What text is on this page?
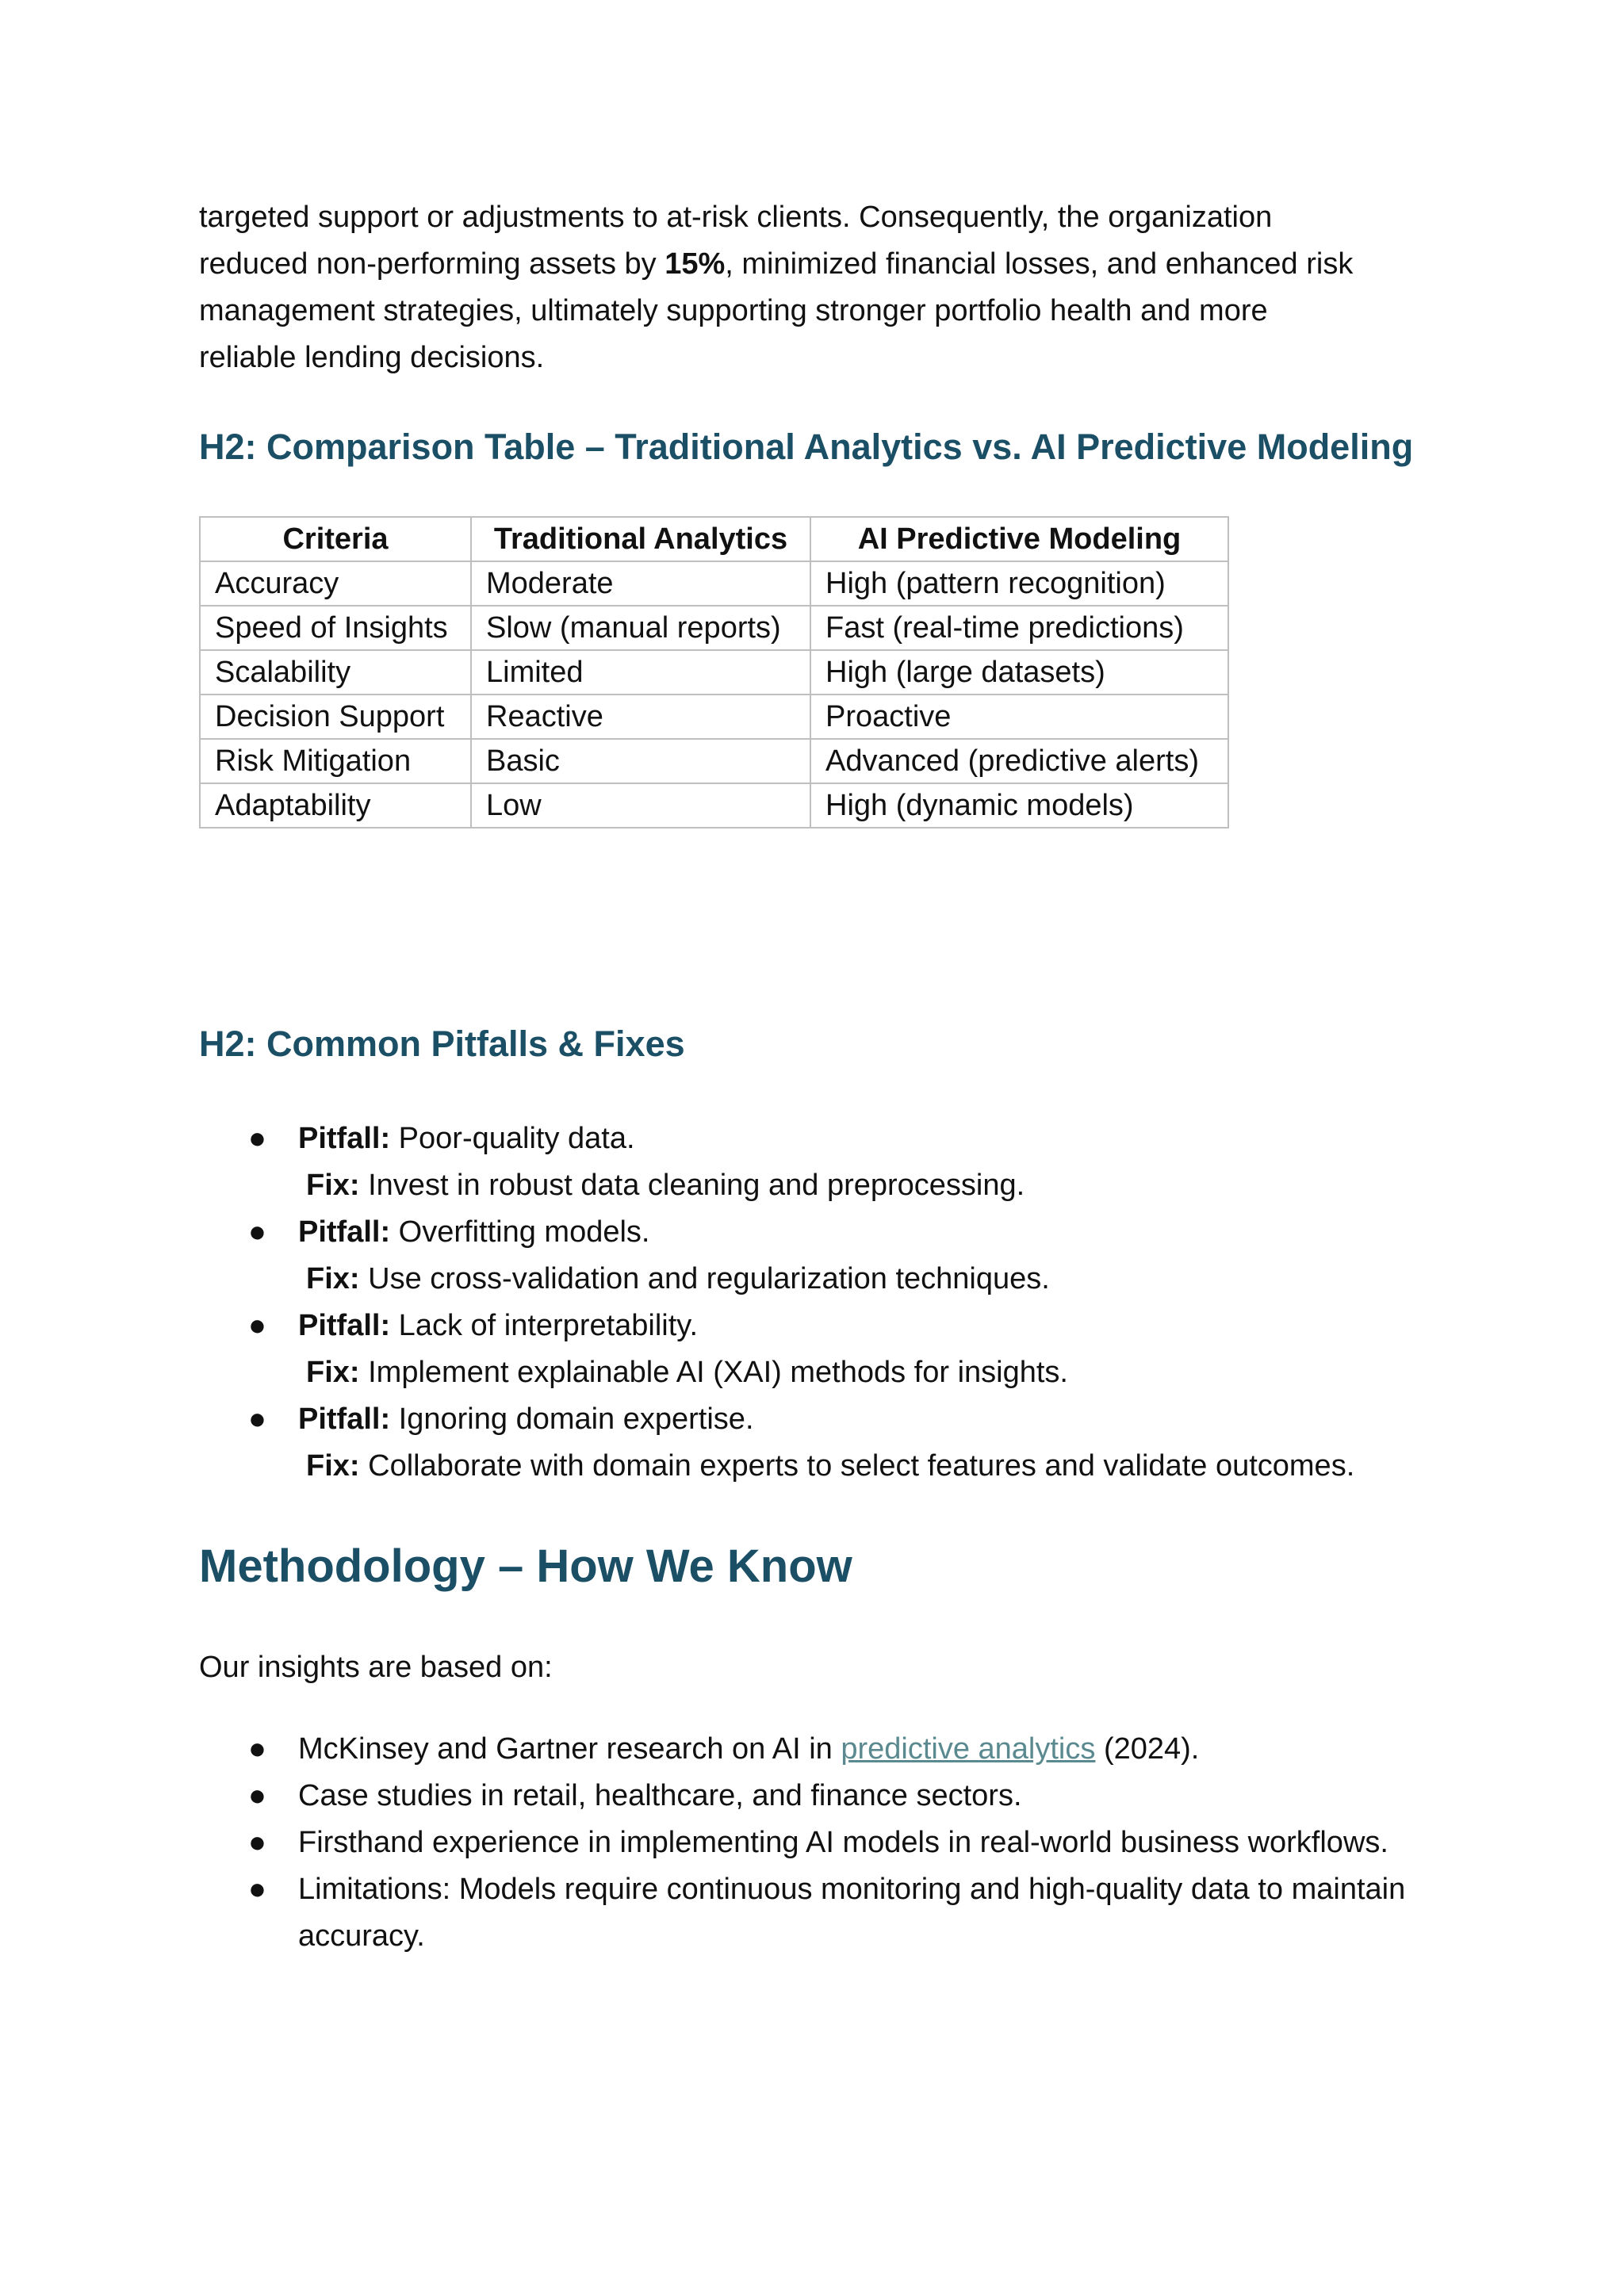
targeted support or adjustments to at-risk clients. Consequently, the organization
reduced non-performing assets by 15%, minimized financial losses, and enhanced risk
management strategies, ultimately supporting stronger portfolio health and more
reliable lending decisions.

H2: Comparison Table – Traditional Analytics vs. AI Predictive Modeling
Criteria	Traditional Analytics	AI Predictive Modeling
Accuracy	Moderate	High (pattern recognition)
Speed of Insights	Slow (manual reports)	Fast (real-time predictions)
Scalability	Limited	High (large datasets)
Decision Support	Reactive	Proactive
Risk Mitigation	Basic	Advanced (predictive alerts)
Adaptability	Low	High (dynamic models)
H2: Common Pitfalls & Fixes
● Pitfall: Poor-quality data.
Fix: Invest in robust data cleaning and preprocessing.
● Pitfall: Overfitting models.
Fix: Use cross-validation and regularization techniques.
● Pitfall: Lack of interpretability.
Fix: Implement explainable AI (XAI) methods for insights.
● Pitfall: Ignoring domain expertise.
Fix: Collaborate with domain experts to select features and validate outcomes.
Methodology – How We Know

Our insights are based on:

● McKinsey and Gartner research on AI in predictive analytics (2024).
● Case studies in retail, healthcare, and finance sectors.
● Firsthand experience in implementing AI models in real-world business workflows.
● Limitations: Models require continuous monitoring and high-quality data to maintain accuracy.
